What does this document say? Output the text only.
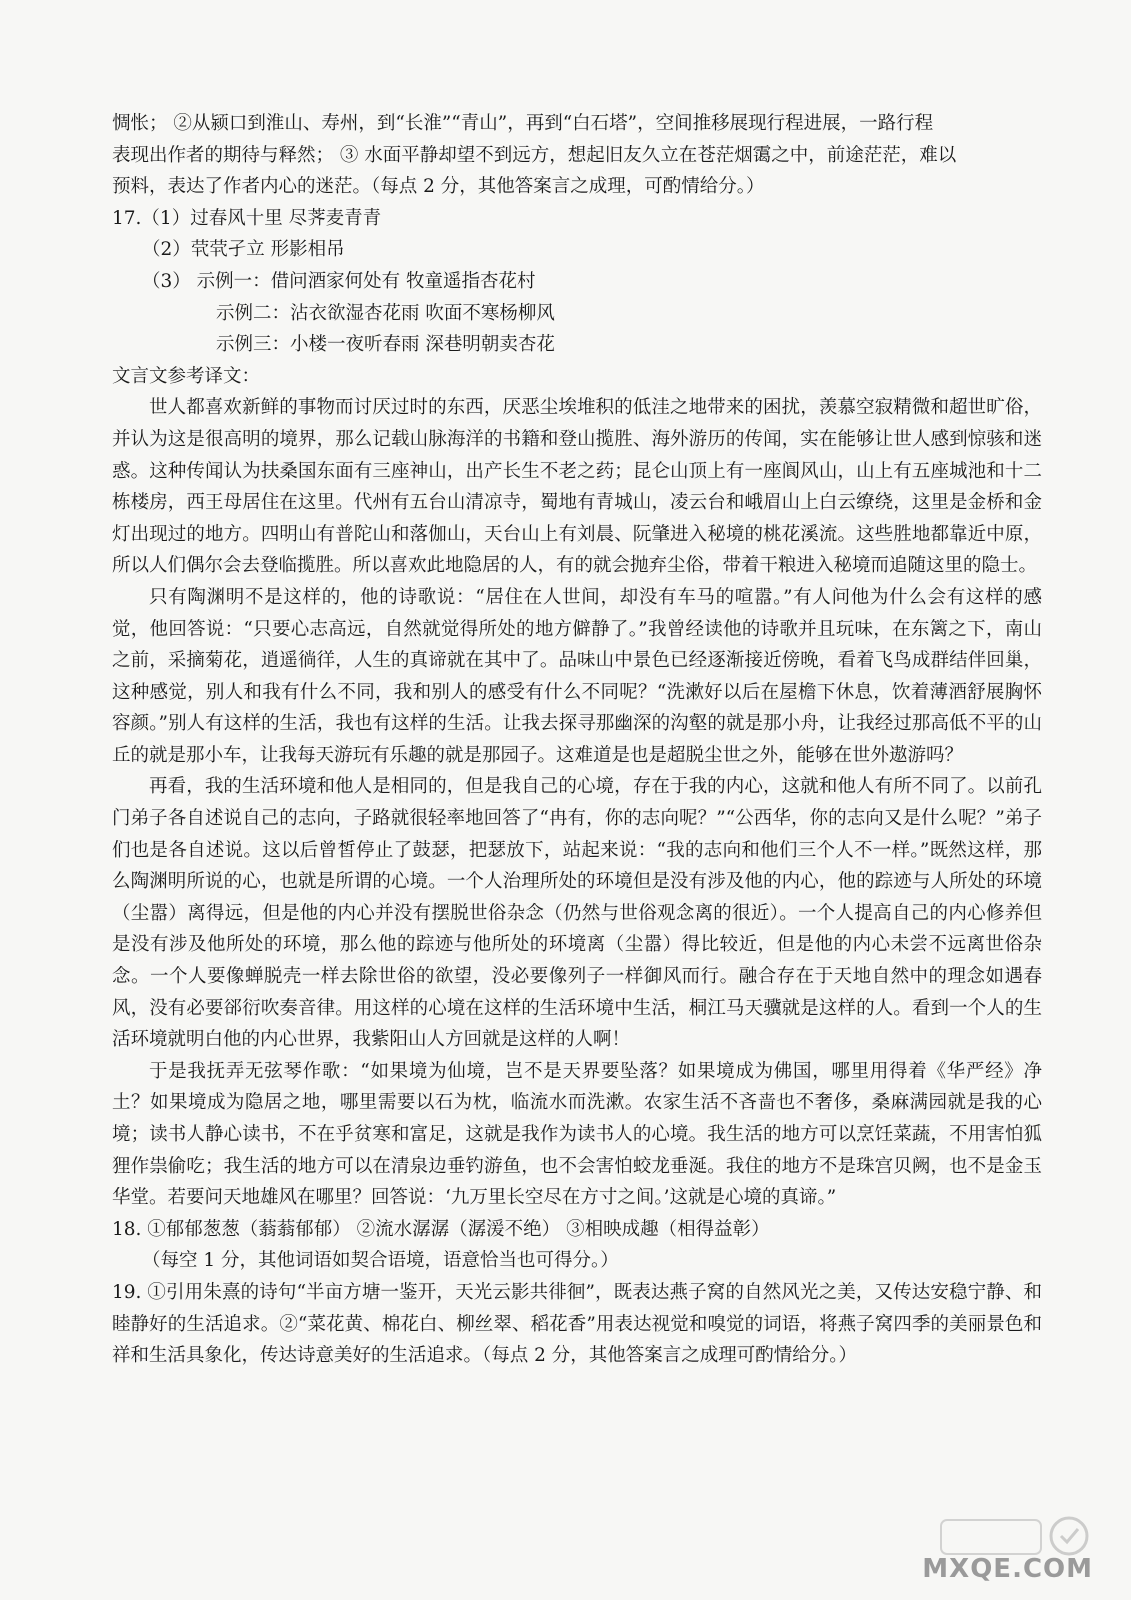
惆怅； ②从颍口到淮山、寿州，到“长淮”“青山”，再到“白石塔”，空间推移展现行程进展，一路行程

表现出作者的期待与释然； ③ 水面平静却望不到远方，想起旧友久立在苍茫烟霭之中，前途茫茫，难以

预料，表达了作者内心的迷茫。（每点 2 分，其他答案言之成理，可酌情给分。）

17.（1）过春风十里 尽荠麦青青

（2）茕茕孑立 形影相吊

（3） 示例一：借问酒家何处有 牧童遥指杏花村

示例二：沾衣欲湿杏花雨 吹面不寒杨柳风

示例三：小楼一夜听春雨 深巷明朝卖杏花

文言文参考译文：

世人都喜欢新鲜的事物而讨厌过时的东西，厌恶尘埃堆积的低洼之地带来的困扰，羡慕空寂精微和超世旷俗，并认为这是很高明的境界，那么记载山脉海洋的书籍和登山揽胜、海外游历的传闻，实在能够让世人感到惊骇和迷惑。这种传闻认为扶桑国东面有三座神山，出产长生不老之药；昆仑山顶上有一座阆风山，山上有五座城池和十二栋楼房，西王母居住在这里。代州有五台山清凉寺，蜀地有青城山，凌云台和峨眉山上白云缭绕，这里是金桥和金灯出现过的地方。四明山有普陀山和落伽山，天台山上有刘晨、阮肇进入秘境的桃花溪流。这些胜地都靠近中原，所以人们偶尔会去登临揽胜。所以喜欢此地隐居的人，有的就会抛弃尘俗，带着干粮进入秘境而追随这里的隐士。

只有陶渊明不是这样的，他的诗歌说：“居住在人世间，却没有车马的喧嚣。”有人问他为什么会有这样的感觉，他回答说：“只要心志高远，自然就觉得所处的地方僻静了。”我曾经读他的诗歌并且玩味，在东篱之下，南山之前，采摘菊花，逍遥徜徉，人生的真谛就在其中了。品味山中景色已经逐渐接近傍晚，看着飞鸟成群结伴回巢，这种感觉，别人和我有什么不同，我和别人的感受有什么不同呢？“洗漱好以后在屋檐下休息，饮着薄酒舒展胸怀容颜。”别人有这样的生活，我也有这样的生活。让我去探寻那幽深的沟壑的就是那小舟，让我经过那高低不平的山丘的就是那小车，让我每天游玩有乐趣的就是那园子。这难道是也是超脱尘世之外，能够在世外遨游吗？

再看，我的生活环境和他人是相同的，但是我自己的心境，存在于我的内心，这就和他人有所不同了。以前孔门弟子各自述说自己的志向，子路就很轻率地回答了“冉有，你的志向呢？”“公西华，你的志向又是什么呢？”弟子们也是各自述说。这以后曾皙停止了鼓瑟，把瑟放下，站起来说：“我的志向和他们三个人不一样。”既然这样，那么陶渊明所说的心，也就是所谓的心境。一个人治理所处的环境但是没有涉及他的内心，他的踪迹与人所处的环境（尘嚣）离得远，但是他的内心并没有摆脱世俗杂念（仍然与世俗观念离的很近）。一个人提高自己的内心修养但是没有涉及他所处的环境，那么他的踪迹与他所处的环境离（尘嚣）得比较近，但是他的内心未尝不远离世俗杂念。一个人要像蝉脱壳一样去除世俗的欲望，没必要像列子一样御风而行。融合存在于天地自然中的理念如遇春风，没有必要郤衍吹奏音律。用这样的心境在这样的生活环境中生活，桐江马天骥就是这样的人。看到一个人的生活环境就明白他的内心世界，我紫阳山人方回就是这样的人啊！

于是我抚弄无弦琴作歌：“如果境为仙境，岂不是天界要坠落？如果境成为佛国，哪里用得着《华严经》净土？如果境成为隐居之地，哪里需要以石为枕，临流水而洗漱。农家生活不吝啬也不奢侈，桑麻满园就是我的心境；读书人静心读书，不在乎贫寒和富足，这就是我作为读书人的心境。我生活的地方可以烹饪菜蔬，不用害怕狐狸作祟偷吃；我生活的地方可以在清泉边垂钓游鱼，也不会害怕蛟龙垂涎。我住的地方不是珠宫贝阙，也不是金玉华堂。若要问天地雄风在哪里？回答说：‘九万里长空尽在方寸之间。’这就是心境的真谛。”

18. ①郁郁葱葱（蓊蓊郁郁） ②流水潺潺（潺湲不绝） ③相映成趣（相得益彰）

（每空 1 分，其他词语如契合语境，语意恰当也可得分。）

19. ①引用朱熹的诗句“半亩方塘一鉴开，天光云影共徘徊”，既表达燕子窝的自然风光之美，又传达安稳宁静、和睦静好的生活追求。②“菜花黄、棉花白、柳丝翠、稻花香”用表达视觉和嗅觉的词语，将燕子窝四季的美丽景色和祥和生活具象化，传达诗意美好的生活追求。（每点 2 分，其他答案言之成理可酌情给分。）

MXQE.COM
